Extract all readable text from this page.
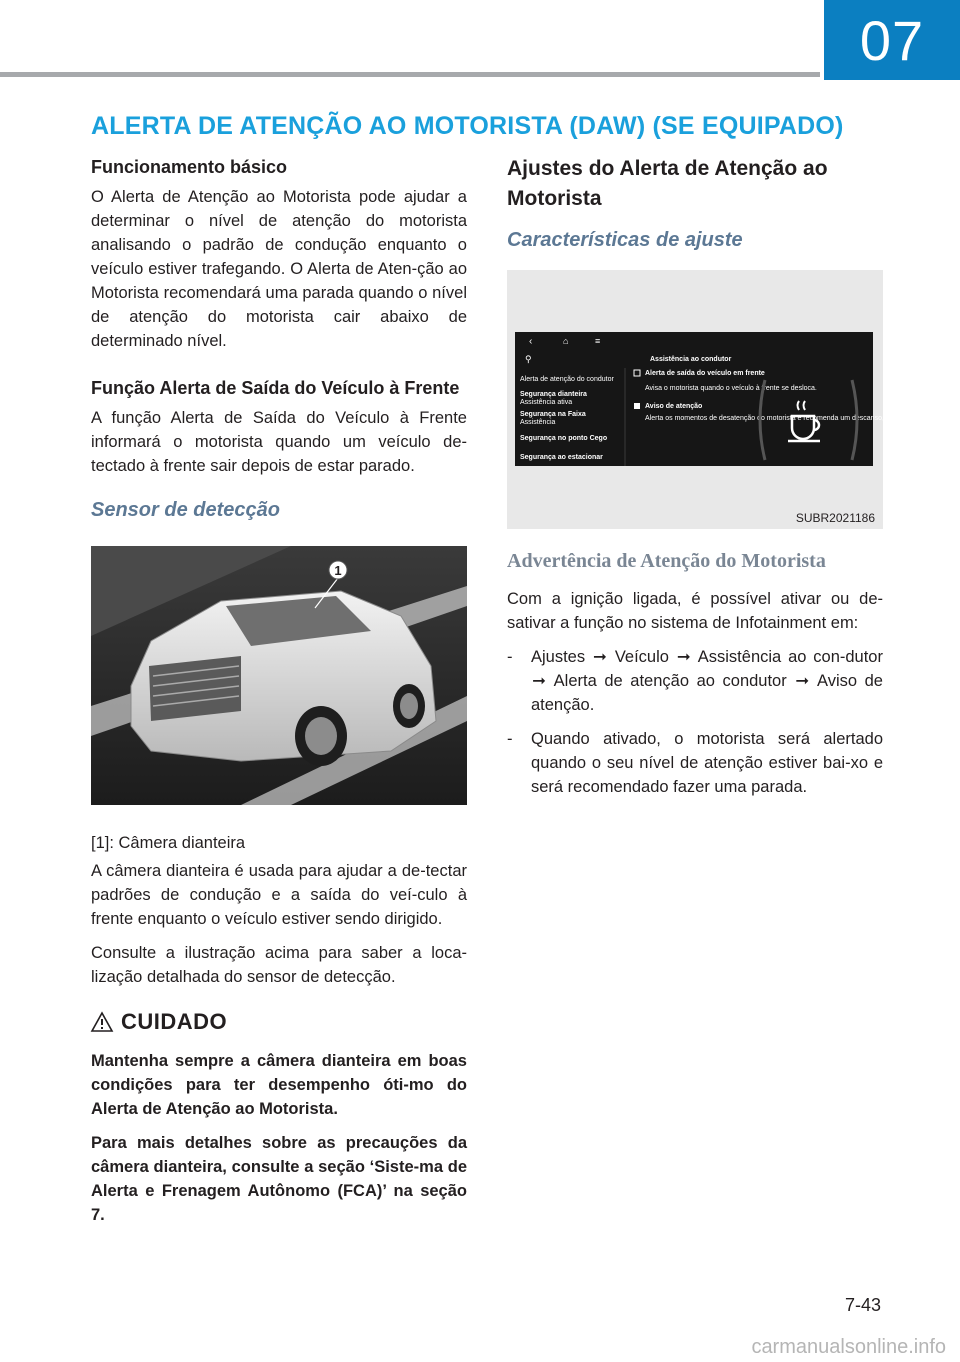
07
ALERTA DE ATENÇÃO AO MOTORISTA (DAW) (SE EQUIPADO)
Funcionamento básico

O Alerta de Atenção ao Motorista pode ajudar a determinar o nível de atenção do motorista analisando o padrão de condução enquanto o veículo estiver trafegando. O Alerta de Aten-ção ao Motorista recomendará uma parada quando o nível de atenção do motorista cair abaixo de determinado nível.

Função Alerta de Saída do Veículo à Frente

A função Alerta de Saída do Veículo à Frente informará o motorista quando um veículo de-tectado à frente sair depois de estar parado.

Sensor de detecção
1

[1]: Câmera dianteira

A câmera dianteira é usada para ajudar a de-tectar padrões de condução e a saída do veí-culo à frente enquanto o veículo estiver sendo dirigido.

Consulte a ilustração acima para saber a loca-lização detalhada do sensor de detecção.

CUIDADO

Mantenha sempre a câmera dianteira em boas condições para ter desempenho óti-mo do Alerta de Atenção ao Motorista.

Para mais detalhes sobre as precauções da câmera dianteira, consulte a seção ‘Siste-ma de Alerta e Frenagem Autônomo (FCA)’ na seção 7.

Ajustes do Alerta de Atenção ao Motorista
Características de ajuste
‹	⌂	≡
⚲
Alerta de atenção do condutor
Segurança dianteira
Assistência ativa
Segurança na Faixa
Assistência
Segurança no ponto Cego
Segurança ao estacionar
Assistência ao condutor
Alerta de saída do veículo em frente
Avisa o motorista quando o veículo à frente se desloca.
Aviso de atenção
Alerta os momentos de desatenção do motorista e recomenda um descanso, se necessário.
SUBR2021186
Advertência de Atenção do Motorista

Com a ignição ligada, é possível ativar ou de-sativar a função no sistema de Infotainment em:

-	Ajustes ➞ Veículo ➞ Assistência ao con-dutor ➞ Alerta de atenção ao condutor ➞ Aviso de atenção.
-	Quando ativado, o motorista será alertado quando o seu nível de atenção estiver bai-xo e será recomendado fazer uma parada.
7-43
carmanualsonline.info
